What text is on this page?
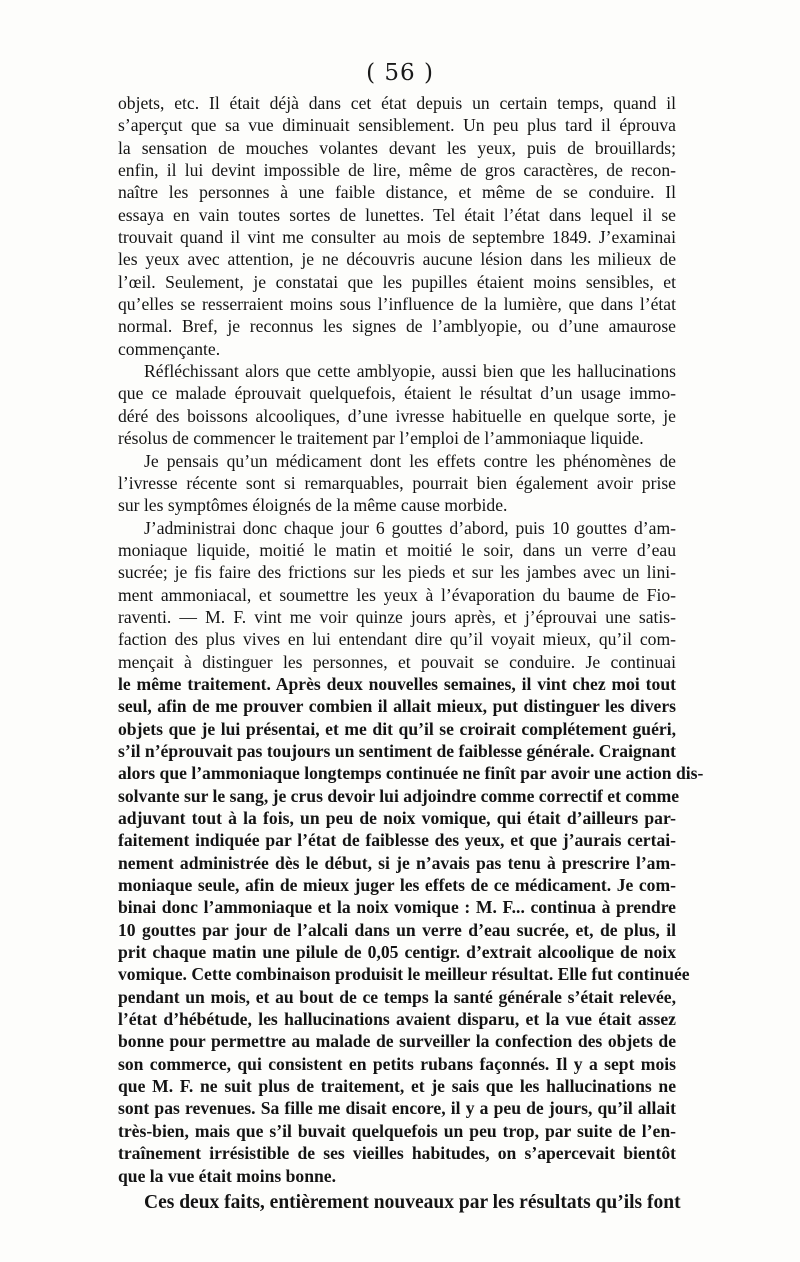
( 56 )
objets, etc. Il était déjà dans cet état depuis un certain temps, quand il
s’aperçut que sa vue diminuait sensiblement. Un peu plus tard il éprouva
la sensation de mouches volantes devant les yeux, puis de brouillards;
enfin, il lui devint impossible de lire, même de gros caractères, de recon-
naître les personnes à une faible distance, et même de se conduire. Il
essaya en vain toutes sortes de lunettes. Tel était l’état dans lequel il se
trouvait quand il vint me consulter au mois de septembre 1849. J’examinai
les yeux avec attention, je ne découvris aucune lésion dans les milieux de
l’œil. Seulement, je constatai que les pupilles étaient moins sensibles, et
qu’elles se resserraient moins sous l’influence de la lumière, que dans l’état
normal. Bref, je reconnus les signes de l’amblyopie, ou d’une amaurose
commençante.
Réfléchissant alors que cette amblyopie, aussi bien que les hallucinations
que ce malade éprouvait quelquefois, étaient le résultat d’un usage immo-
déré des boissons alcooliques, d’une ivresse habituelle en quelque sorte, je
résolus de commencer le traitement par l’emploi de l’ammoniaque liquide.
Je pensais qu’un médicament dont les effets contre les phénomènes de
l’ivresse récente sont si remarquables, pourrait bien également avoir prise
sur les symptômes éloignés de la même cause morbide.
J’administrai donc chaque jour 6 gouttes d’abord, puis 10 gouttes d’am-
moniaque liquide, moitié le matin et moitié le soir, dans un verre d’eau
sucrée; je fis faire des frictions sur les pieds et sur les jambes avec un lini-
ment ammoniacal, et soumettre les yeux à l’évaporation du baume de Fio-
raventi. — M. F. vint me voir quinze jours après, et j’éprouvai une satis-
faction des plus vives en lui entendant dire qu’il voyait mieux, qu’il com-
mençait à distinguer les personnes, et pouvait se conduire. Je continuai
le même traitement. Après deux nouvelles semaines, il vint chez moi tout
seul, afin de me prouver combien il allait mieux, put distinguer les divers
objets que je lui présentai, et me dit qu’il se croirait complétement guéri,
s’il n’éprouvait pas toujours un sentiment de faiblesse générale. Craignant
alors que l’ammoniaque longtemps continuée ne finît par avoir une action dis-
solvante sur le sang, je crus devoir lui adjoindre comme correctif et comme
adjuvant tout à la fois, un peu de noix vomique, qui était d’ailleurs par-
faitement indiquée par l’état de faiblesse des yeux, et que j’aurais certai-
nement administrée dès le début, si je n’avais pas tenu à prescrire l’am-
moniaque seule, afin de mieux juger les effets de ce médicament. Je com-
binai donc l’ammoniaque et la noix vomique : M. F... continua à prendre
10 gouttes par jour de l’alcali dans un verre d’eau sucrée, et, de plus, il
prit chaque matin une pilule de 0,05 centigr. d’extrait alcoolique de noix
vomique. Cette combinaison produisit le meilleur résultat. Elle fut continuée
pendant un mois, et au bout de ce temps la santé générale s’était relevée,
l’état d’hébétude, les hallucinations avaient disparu, et la vue était assez
bonne pour permettre au malade de surveiller la confection des objets de
son commerce, qui consistent en petits rubans façonnés. Il y a sept mois
que M. F. ne suit plus de traitement, et je sais que les hallucinations ne
sont pas revenues. Sa fille me disait encore, il y a peu de jours, qu’il allait
très-bien, mais que s’il buvait quelquefois un peu trop, par suite de l’en-
traînement irrésistible de ses vieilles habitudes, on s’apercevait bientôt
que la vue était moins bonne.
Ces deux faits, entièrement nouveaux par les résultats qu’ils font
